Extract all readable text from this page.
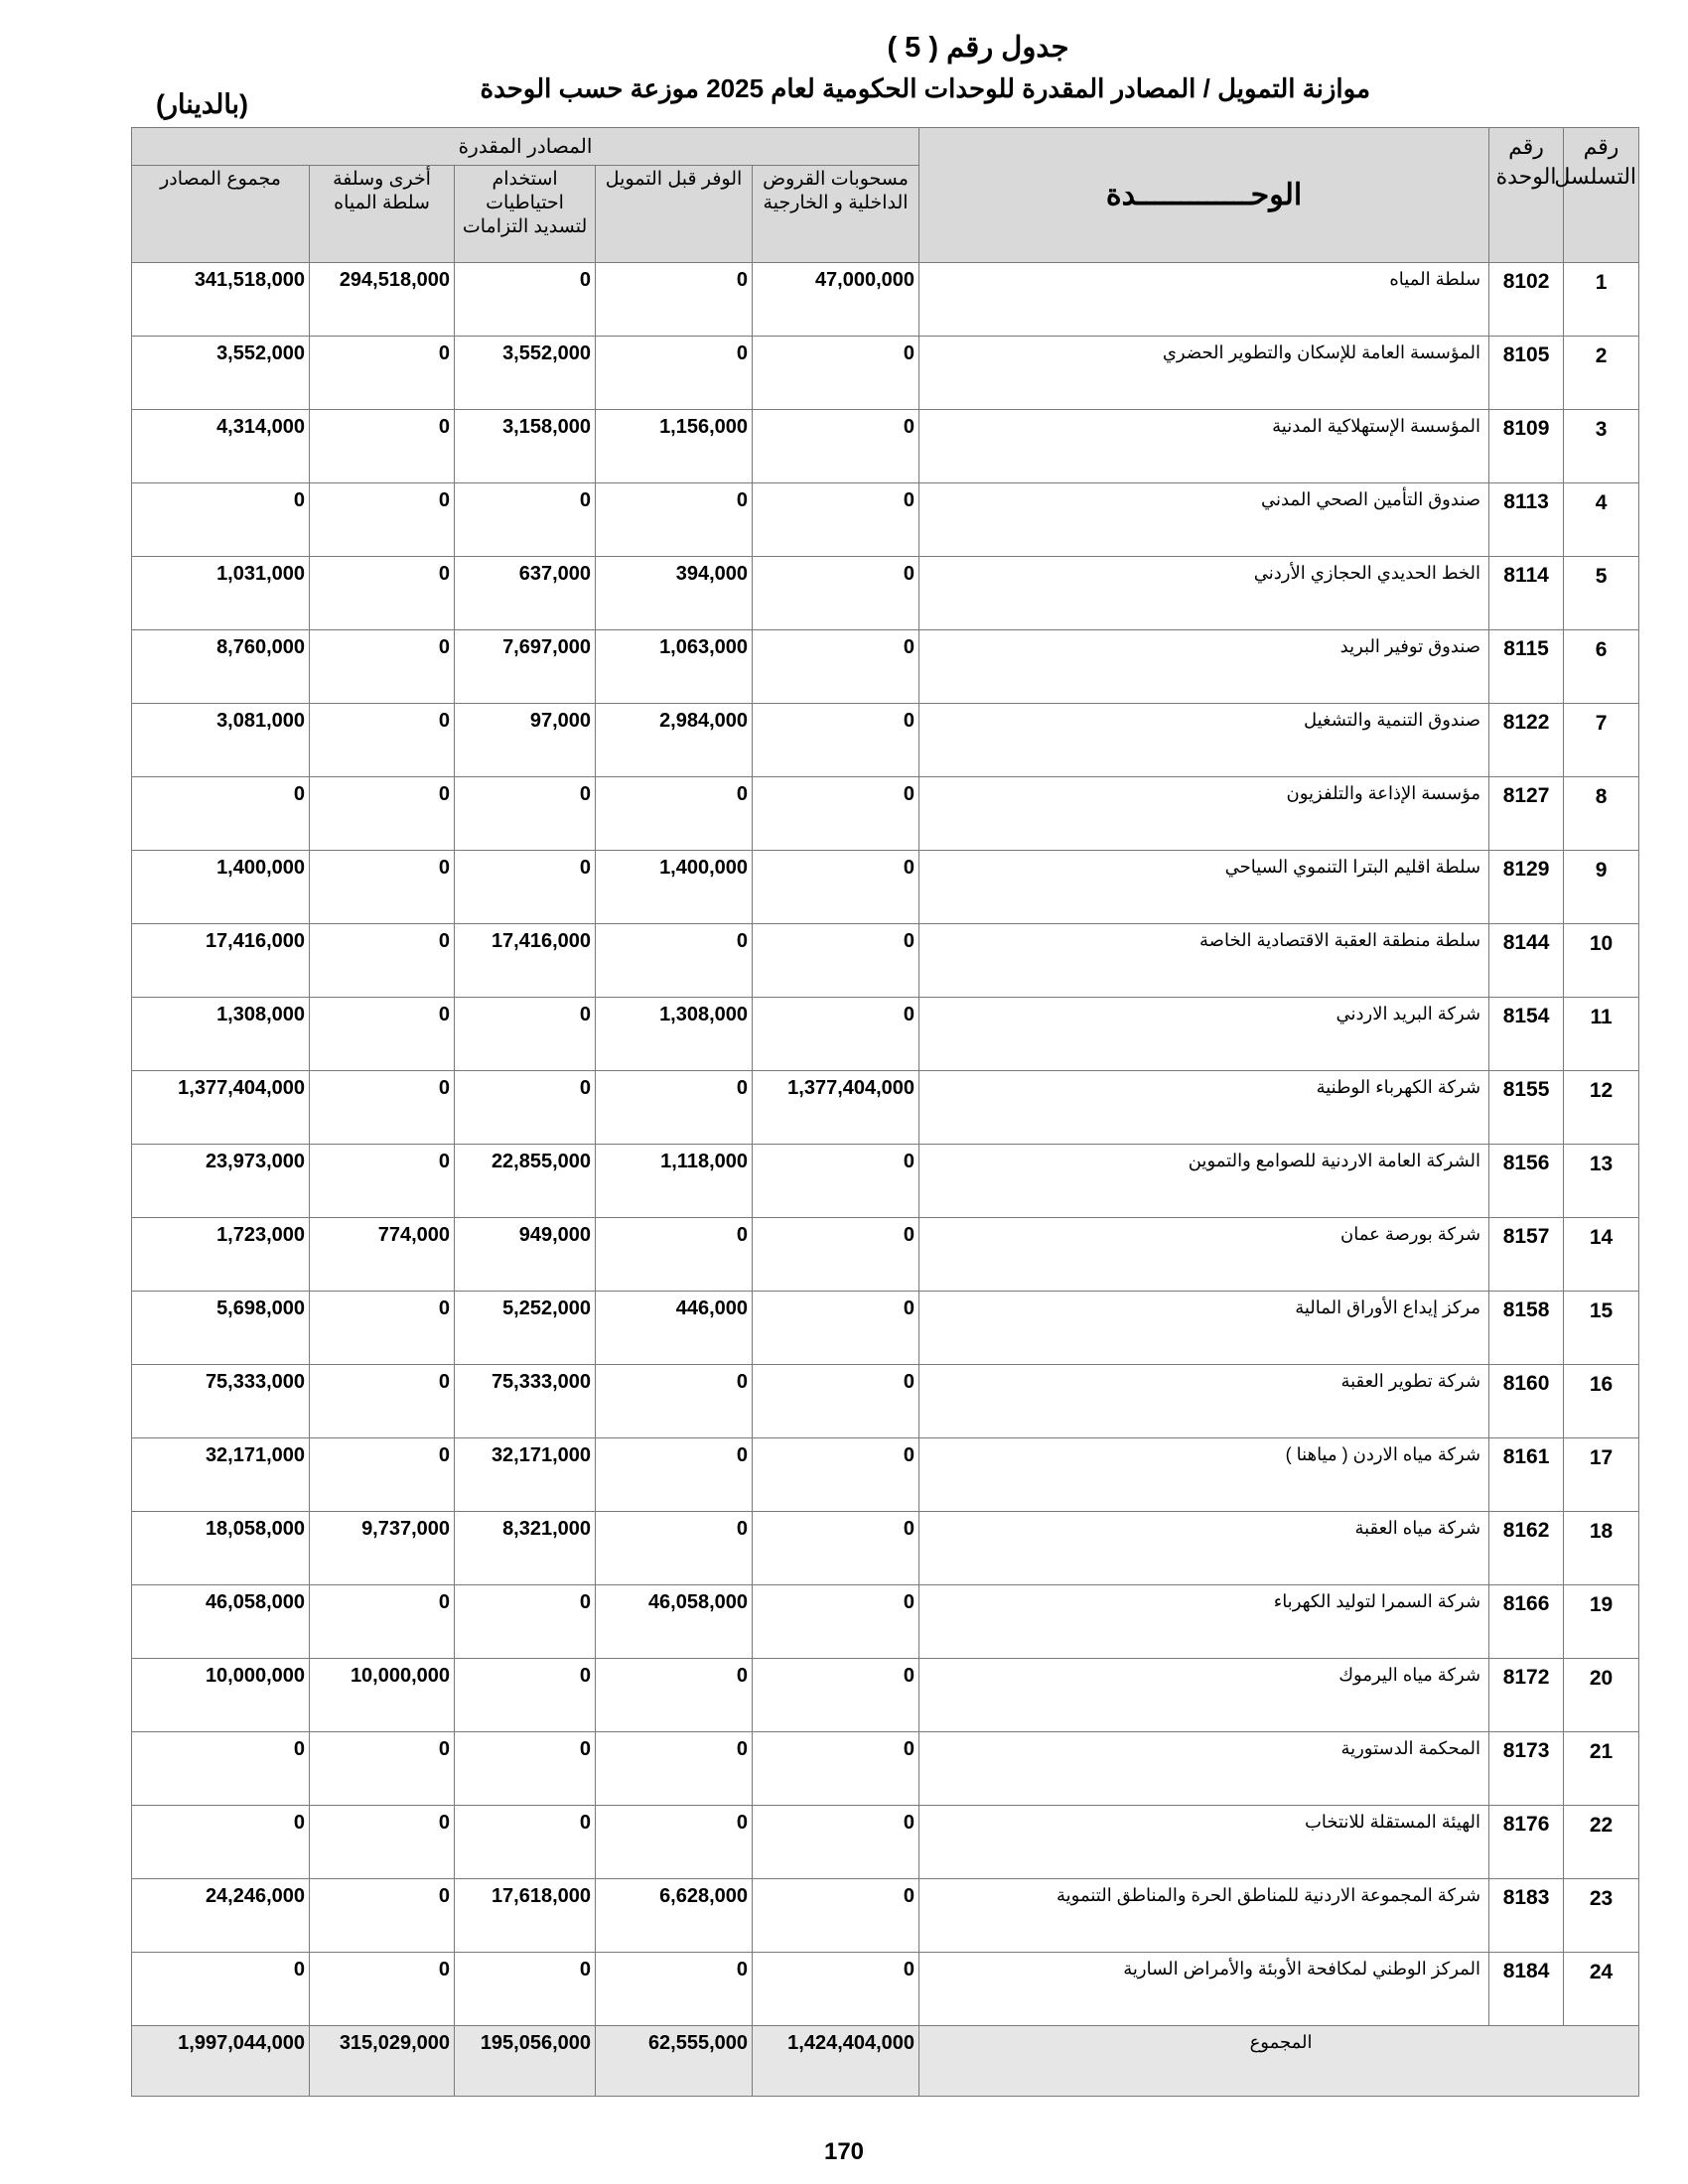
جدول رقم ( 5 )
موازنة التمويل / المصادر المقدرة للوحدات الحكومية لعام 2025 موزعة حسب الوحدة
(بالدينار)
رقم التسلسل	رقم الوحدة	الوحـــــــــــــدة	المصادر المقدرة				
			مسحوبات القروض الداخلية و الخارجية	الوفر قبل التمويل	استخدام احتياطيات لتسديد التزامات	أخرى وسلفة سلطة المياه	مجموع المصادر
1	8102	سلطة المياه	47,000,000	0	0	294,518,000	341,518,000
2	8105	المؤسسة العامة للإسكان والتطوير الحضري	0	0	3,552,000	0	3,552,000
3	8109	المؤسسة الإستهلاكية المدنية	0	1,156,000	3,158,000	0	4,314,000
4	8113	صندوق التأمين الصحي المدني	0	0	0	0	0
5	8114	الخط الحديدي الحجازي الأردني	0	394,000	637,000	0	1,031,000
6	8115	صندوق توفير البريد	0	1,063,000	7,697,000	0	8,760,000
7	8122	صندوق التنمية والتشغيل	0	2,984,000	97,000	0	3,081,000
8	8127	مؤسسة الإذاعة والتلفزيون	0	0	0	0	0
9	8129	سلطة اقليم البترا التنموي السياحي	0	1,400,000	0	0	1,400,000
10	8144	سلطة منطقة العقبة الاقتصادية الخاصة	0	0	17,416,000	0	17,416,000
11	8154	شركة البريد الاردني	0	1,308,000	0	0	1,308,000
12	8155	شركة الكهرباء الوطنية	1,377,404,000	0	0	0	1,377,404,000
13	8156	الشركة العامة الاردنية للصوامع والتموين	0	1,118,000	22,855,000	0	23,973,000
14	8157	شركة بورصة عمان	0	0	949,000	774,000	1,723,000
15	8158	مركز إيداع الأوراق المالية	0	446,000	5,252,000	0	5,698,000
16	8160	شركة تطوير العقبة	0	0	75,333,000	0	75,333,000
17	8161	شركة مياه الاردن ( مياهنا )	0	0	32,171,000	0	32,171,000
18	8162	شركة مياه العقبة	0	0	8,321,000	9,737,000	18,058,000
19	8166	شركة السمرا لتوليد الكهرباء	0	46,058,000	0	0	46,058,000
20	8172	شركة مياه اليرموك	0	0	0	10,000,000	10,000,000
21	8173	المحكمة الدستورية	0	0	0	0	0
22	8176	الهيئة المستقلة للانتخاب	0	0	0	0	0
23	8183	شركة المجموعة الاردنية للمناطق الحرة والمناطق التنموية	0	6,628,000	17,618,000	0	24,246,000
24	8184	المركز الوطني لمكافحة الأوبئة والأمراض السارية	0	0	0	0	0
المجموع			1,424,404,000	62,555,000	195,056,000	315,029,000	1,997,044,000
170
